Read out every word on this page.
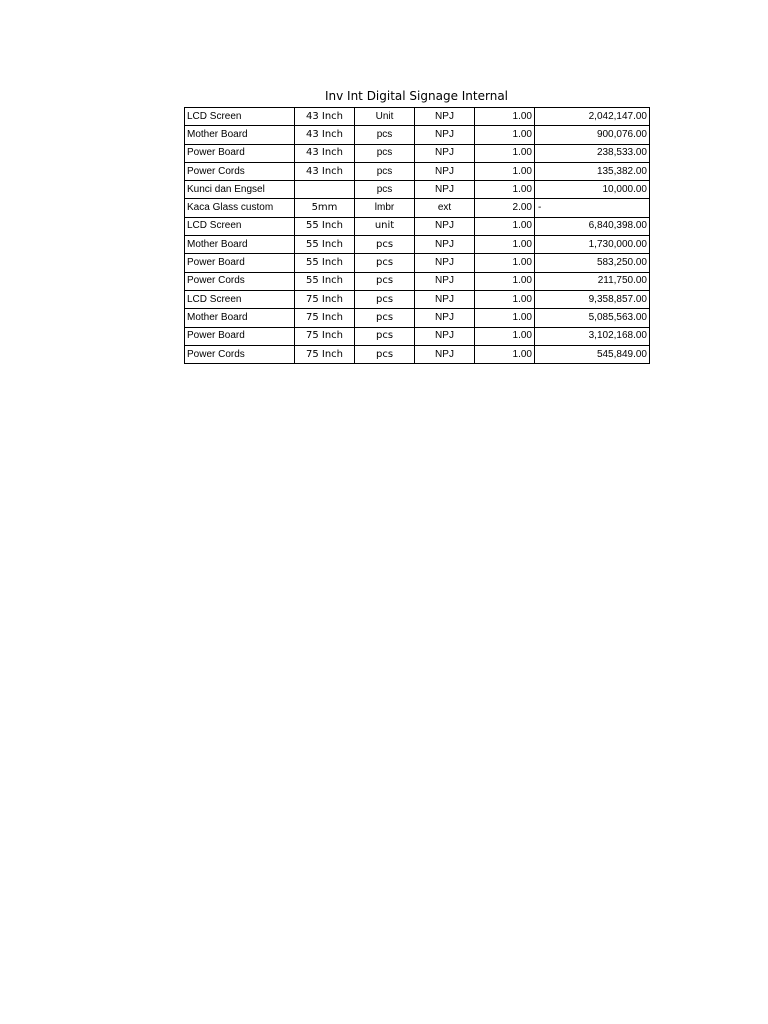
Inv Int Digital Signage Internal
LCD Screen	43 Inch	Unit	NPJ	1.00	2,042,147.00
Mother Board	43 Inch	pcs	NPJ	1.00	900,076.00
Power Board	43 Inch	pcs	NPJ	1.00	238,533.00
Power Cords	43 Inch	pcs	NPJ	1.00	135,382.00
Kunci dan Engsel		pcs	NPJ	1.00	10,000.00
Kaca Glass custom	5mm	lmbr	ext	2.00	-
LCD Screen	55 Inch	unit	NPJ	1.00	6,840,398.00
Mother Board	55 Inch	pcs	NPJ	1.00	1,730,000.00
Power Board	55 Inch	pcs	NPJ	1.00	583,250.00
Power Cords	55 Inch	pcs	NPJ	1.00	211,750.00
LCD Screen	75 Inch	pcs	NPJ	1.00	9,358,857.00
Mother Board	75 Inch	pcs	NPJ	1.00	5,085,563.00
Power Board	75 Inch	pcs	NPJ	1.00	3,102,168.00
Power Cords	75 Inch	pcs	NPJ	1.00	545,849.00
